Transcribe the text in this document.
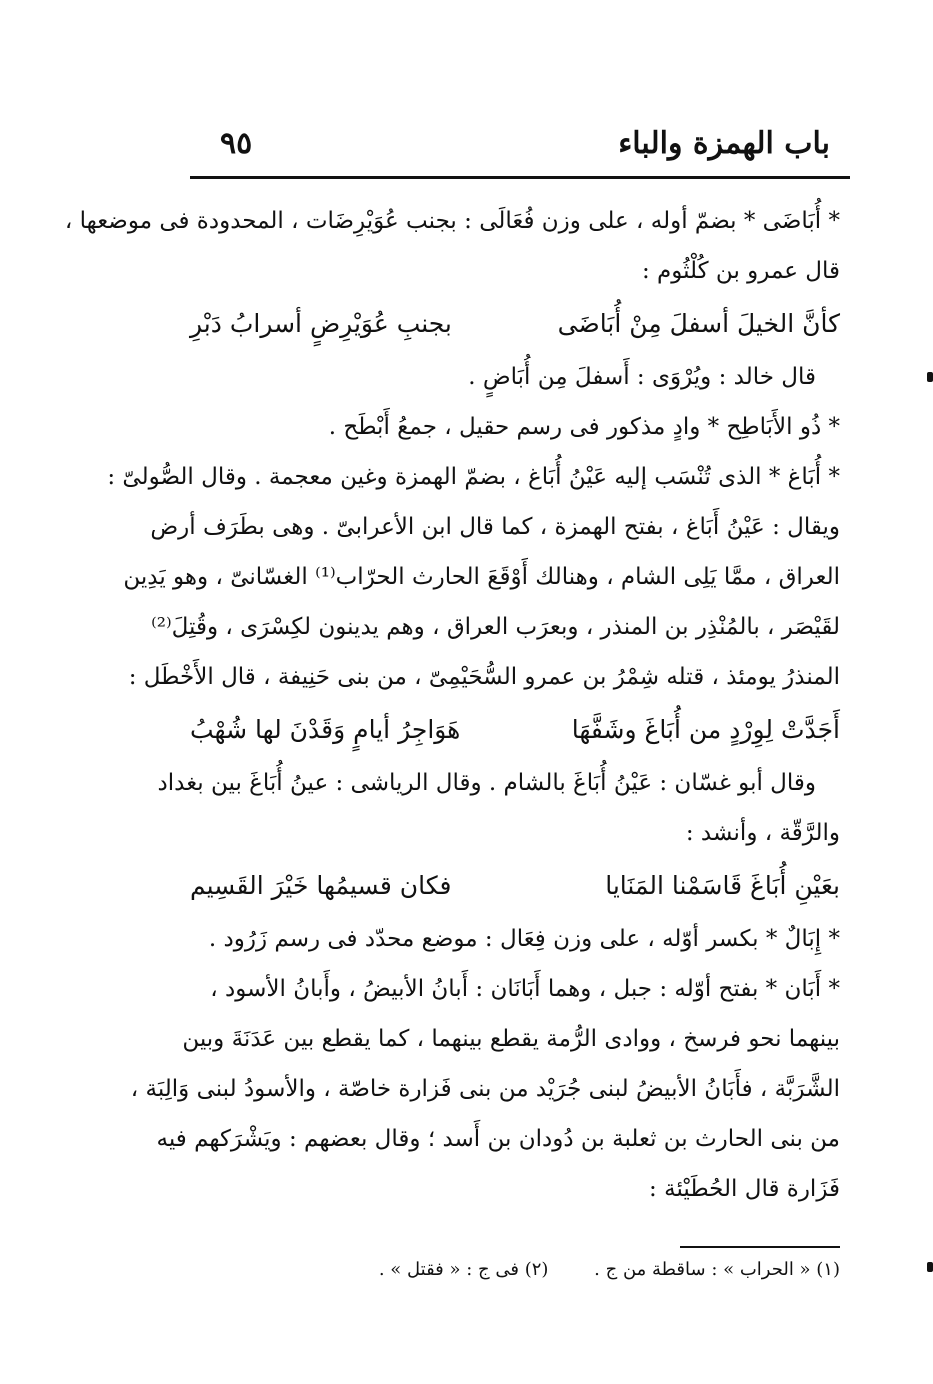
باب الهمزة والباء
٩٥
* أُبَاضَى * بضمّ أوله ، على وزن فُعَالَى : بجنب عُوَيْرِضَات ، المحدودة فى موضعها ،
قال عمرو بن كُلْثُوم :
كأنَّ الخيلَ أسفلَ مِنْ أُبَاضَى
بجنبِ عُوَيْرِضٍ أسرابُ دَبْرِ
قال خالد : ويُرْوَى : أَسفلَ مِن أُبَاضٍ .
* ذُو الأَبَاطِح * وادٍ مذكور فى رسم حقيل ، جمعُ أَبْطَح .
* أُبَاغ * الذى تُنْسَب إليه عَيْنُ أُبَاغ ، بضمّ الهمزة وغين معجمة . وقال الصُّولىّ :
ويقال : عَيْنُ أَبَاغ ، بفتح الهمزة ، كما قال ابن الأعرابىّ . وهى بطَرَف أرض
العراق ، ممَّا يَلِى الشام ، وهنالك أَوْقَعَ الحارث الحرّاب⁽¹⁾ الغسّانىّ ، وهو يَدِين
لقَيْصَر ، بالمُنْذِر بن المنذر ، وبعرَب العراق ، وهم يدينون لكِسْرَى ، وقُتِلَ⁽²⁾
المنذرُ يومئذ ، قتله شِمْرُ بن عمرو السُّحَيْمِىّ ، من بنى حَنِيفة ، قال الأَخْطَل :
أَجَدَّتْ لِوِرْدٍ من أُبَاغَ وشَفَّهَا
هَوَاجِرُ أيامٍ وَقَدْنَ لها شُهْبُ
وقال أبو غسّان : عَيْنُ أُبَاغَ بالشام . وقال الرياشى : عينُ أُبَاغَ بين بغداد
والرَّقّة ، وأنشد :
بعَيْنِ أُبَاغَ قَاسَمْنا المَنَايا
فكان قسيمُها خَيْرَ القَسِيم
* إِبَالٌ * بكسر أوّله ، على وزن فِعَال : موضع محدّد فى رسم زَرُود .
* أَبَان * بفتح أوّله : جبل ، وهما أَبَانَان : أَبانُ الأبيضُ ، وأَبانُ الأسود ،
بينهما نحو فرسخ ، ووادى الرُّمة يقطع بينهما ، كما يقطع بين عَدَنَةَ وبين
الشَّرَبَّة ، فأَبَانُ الأبيضُ لبنى جُرَيْد من بنى فَزارة خاصّة ، والأسودُ لبنى وَالِبَة ،
من بنى الحارث بن ثعلبة بن دُودان بن أَسد ؛ وقال بعضهم : ويَشْرَكهم فيه
فَزَارة قال الحُطَيْئة :
(١) « الحراب » : ساقطة من ج . (٢) فى ج : « فقتل » .
